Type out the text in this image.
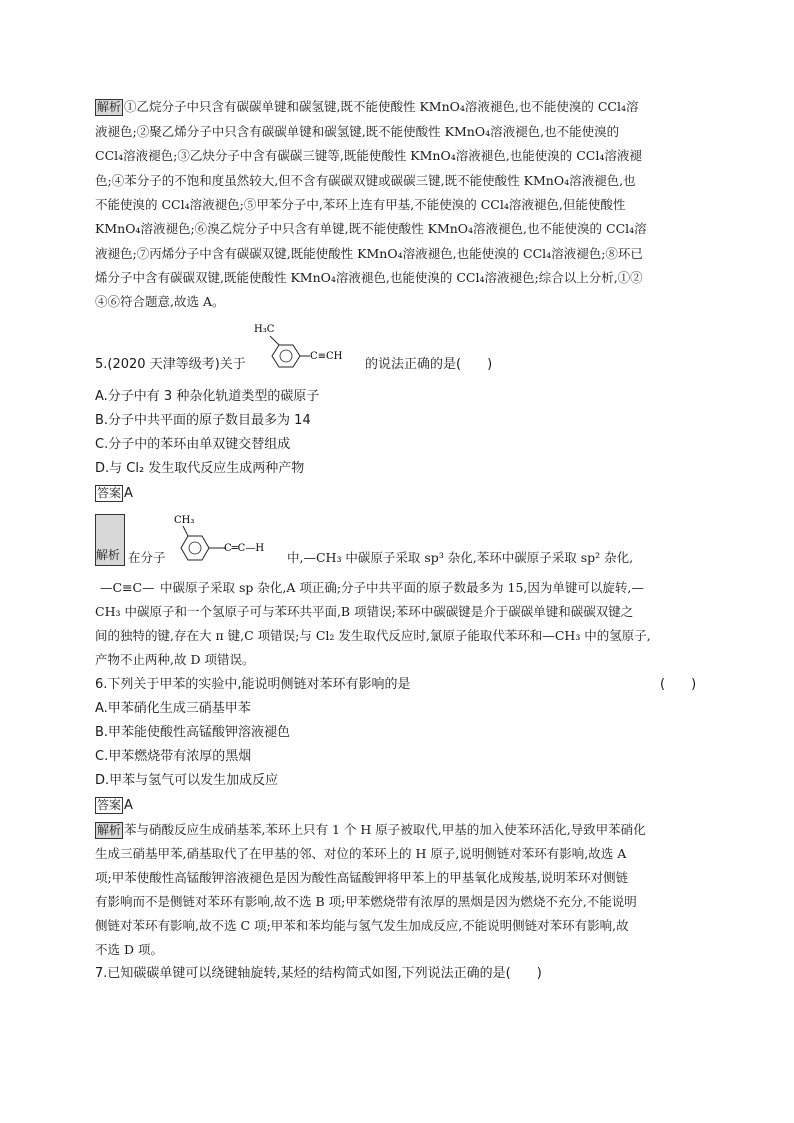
解析 ①乙烷分子中只含有碳碳单键和碳氢键,既不能使酸性 KMnO₄溶液褪色,也不能使溴的 CCl₄溶
液褪色;②聚乙烯分子中只含有碳碳单键和碳氢键,既不能使酸性 KMnO₄溶液褪色,也不能使溴的
CCl₄溶液褪色;③乙炔分子中含有碳碳三键等,既能使酸性 KMnO₄溶液褪色,也能使溴的 CCl₄溶液褪
色;④苯分子的不饱和度虽然较大,但不含有碳碳双键或碳碳三键,既不能使酸性 KMnO₄溶液褪色,也
不能使溴的 CCl₄溶液褪色;⑤甲苯分子中,苯环上连有甲基,不能使溴的 CCl₄溶液褪色,但能使酸性
KMnO₄溶液褪色;⑥溴乙烷分子中只含有单键,既不能使酸性 KMnO₄溶液褪色,也不能使溴的 CCl₄溶
液褪色;⑦丙烯分子中含有碳碳双键,既能使酸性 KMnO₄溶液褪色,也能使溴的 CCl₄溶液褪色;⑧环已
烯分子中含有碳碳双键,既能使酸性 KMnO₄溶液褪色,也能使溴的 CCl₄溶液褪色;综合以上分析,①②
④⑥符合题意,故选 A。
5.(2020 天津等级考)关于
H₃C
C≡CH
的说法正确的是(　　)
A.分子中有 3 种杂化轨道类型的碳原子
B.分子中共平面的原子数目最多为 14
C.分子中的苯环由单双键交替组成
D.与 Cl₂ 发生取代反应生成两种产物
答案 A
解析 在分子
CH₃
C═C—H
中,—CH₃ 中碳原子采取 sp³ 杂化,苯环中碳原子采取 sp² 杂化,
—C≡C— 中碳原子采取 sp 杂化,A 项正确;分子中共平面的原子数最多为 15,因为单键可以旋转,—
CH₃ 中碳原子和一个氢原子可与苯环共平面,B 项错误;苯环中碳碳键是介于碳碳单键和碳碳双键之
间的独特的键,存在大 π 键,C 项错误;与 Cl₂ 发生取代反应时,氯原子能取代苯环和—CH₃ 中的氢原子,
产物不止两种,故 D 项错误。
6.下列关于甲苯的实验中,能说明侧链对苯环有影响的是	(　　)
A.甲苯硝化生成三硝基甲苯
B.甲苯能使酸性高锰酸钾溶液褪色
C.甲苯燃烧带有浓厚的黑烟
D.甲苯与氢气可以发生加成反应
答案 A
解析 苯与硝酸反应生成硝基苯,苯环上只有 1 个 H 原子被取代,甲基的加入使苯环活化,导致甲苯硝化
生成三硝基甲苯,硝基取代了在甲基的邻、对位的苯环上的 H 原子,说明侧链对苯环有影响,故选 A
项;甲苯使酸性高锰酸钾溶液褪色是因为酸性高锰酸钾将甲苯上的甲基氧化成羧基,说明苯环对侧链
有影响而不是侧链对苯环有影响,故不选 B 项;甲苯燃烧带有浓厚的黑烟是因为燃烧不充分,不能说明
侧链对苯环有影响,故不选 C 项;甲苯和苯均能与氢气发生加成反应,不能说明侧链对苯环有影响,故
不选 D 项。
7.已知碳碳单键可以绕键轴旋转,某烃的结构简式如图,下列说法正确的是(　　)
